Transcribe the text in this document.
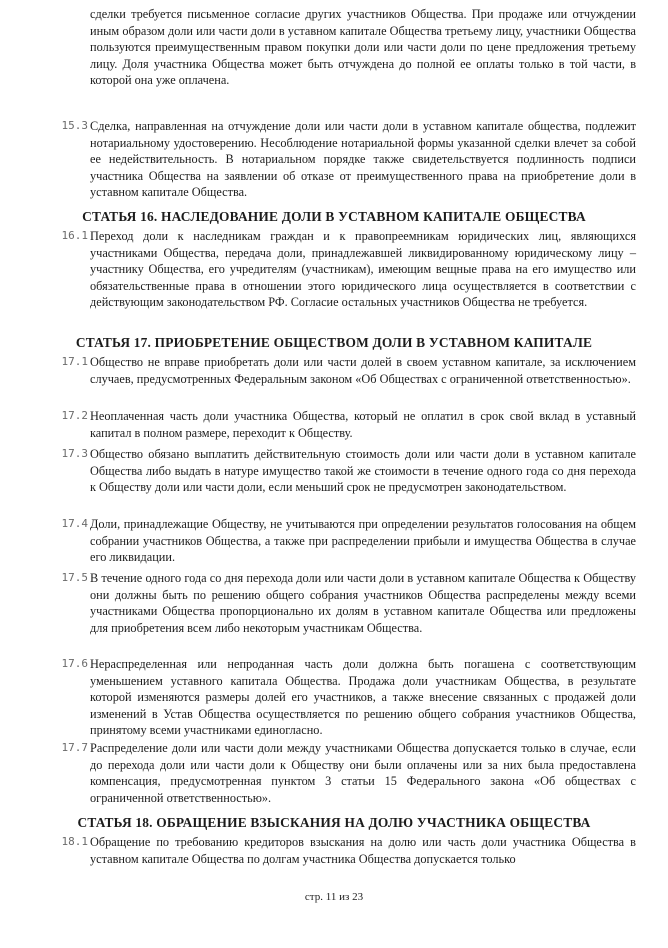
сделки требуется письменное согласие других участников Общества. При продаже или отчуждении иным образом доли или части доли в уставном капитале Общества третьему лицу, участники Общества пользуются преимущественным правом покупки доли или части доли по цене предложения третьему лицу. Доля участника Общества может быть отчуждена до полной ее оплаты только в той части, в которой она уже оплачена.
15.3 Сделка, направленная на отчуждение доли или части доли в уставном капитале общества, подлежит нотариальному удостоверению. Несоблюдение нотариальной формы указанной сделки влечет за собой ее недействительность. В нотариальном порядке также свидетельствуется подлинность подписи участника Общества на заявлении об отказе от преимущественного права на приобретение доли в уставном капитале Общества.
СТАТЬЯ 16. НАСЛЕДОВАНИЕ ДОЛИ В УСТАВНОМ КАПИТАЛЕ ОБЩЕСТВА
16.1 Переход доли к наследникам граждан и к правопреемникам юридических лиц, являющихся участниками Общества, передача доли, принадлежавшей ликвидированному юридическому лицу – участнику Общества, его учредителям (участникам), имеющим вещные права на его имущество или обязательственные права в отношении этого юридического лица осуществляется в соответствии с действующим законодательством РФ. Согласие остальных участников Общества не требуется.
СТАТЬЯ 17. ПРИОБРЕТЕНИЕ ОБЩЕСТВОМ ДОЛИ В УСТАВНОМ КАПИТАЛЕ
17.1 Общество не вправе приобретать доли или части долей в своем уставном капитале, за исключением случаев, предусмотренных Федеральным законом «Об Обществах с ограниченной ответственностью».
17.2 Неоплаченная часть доли участника Общества, который не оплатил в срок свой вклад в уставный капитал в полном размере, переходит к Обществу.
17.3 Общество обязано выплатить действительную стоимость доли или части доли в уставном капитале Общества либо выдать в натуре имущество такой же стоимости в течение одного года со дня перехода к Обществу доли или части доли, если меньший срок не предусмотрен законодательством.
17.4 Доли, принадлежащие Обществу, не учитываются при определении результатов голосования на общем собрании участников Общества, а также при распределении прибыли и имущества Общества в случае его ликвидации.
17.5 В течение одного года со дня перехода доли или части доли в уставном капитале Общества к Обществу они должны быть по решению общего собрания участников Общества распределены между всеми участниками Общества пропорционально их долям в уставном капитале Общества или предложены для приобретения всем либо некоторым участникам Общества.
17.6 Нераспределенная или непроданная часть доли должна быть погашена с соответствующим уменьшением уставного капитала Общества. Продажа доли участникам Общества, в результате которой изменяются размеры долей его участников, а также внесение связанных с продажей доли изменений в Устав Общества осуществляется по решению общего собрания участников Общества, принятому всеми участниками единогласно.
17.7 Распределение доли или части доли между участниками Общества допускается только в случае, если до перехода доли или части доли к Обществу они были оплачены или за них была предоставлена компенсация, предусмотренная пунктом 3 статьи 15 Федерального закона «Об обществах с ограниченной ответственностью».
СТАТЬЯ 18. ОБРАЩЕНИЕ ВЗЫСКАНИЯ НА ДОЛЮ УЧАСТНИКА ОБЩЕСТВА
18.1 Обращение по требованию кредиторов взыскания на долю или часть доли участника Общества в уставном капитале Общества по долгам участника Общества допускается только
стр. 11 из 23
